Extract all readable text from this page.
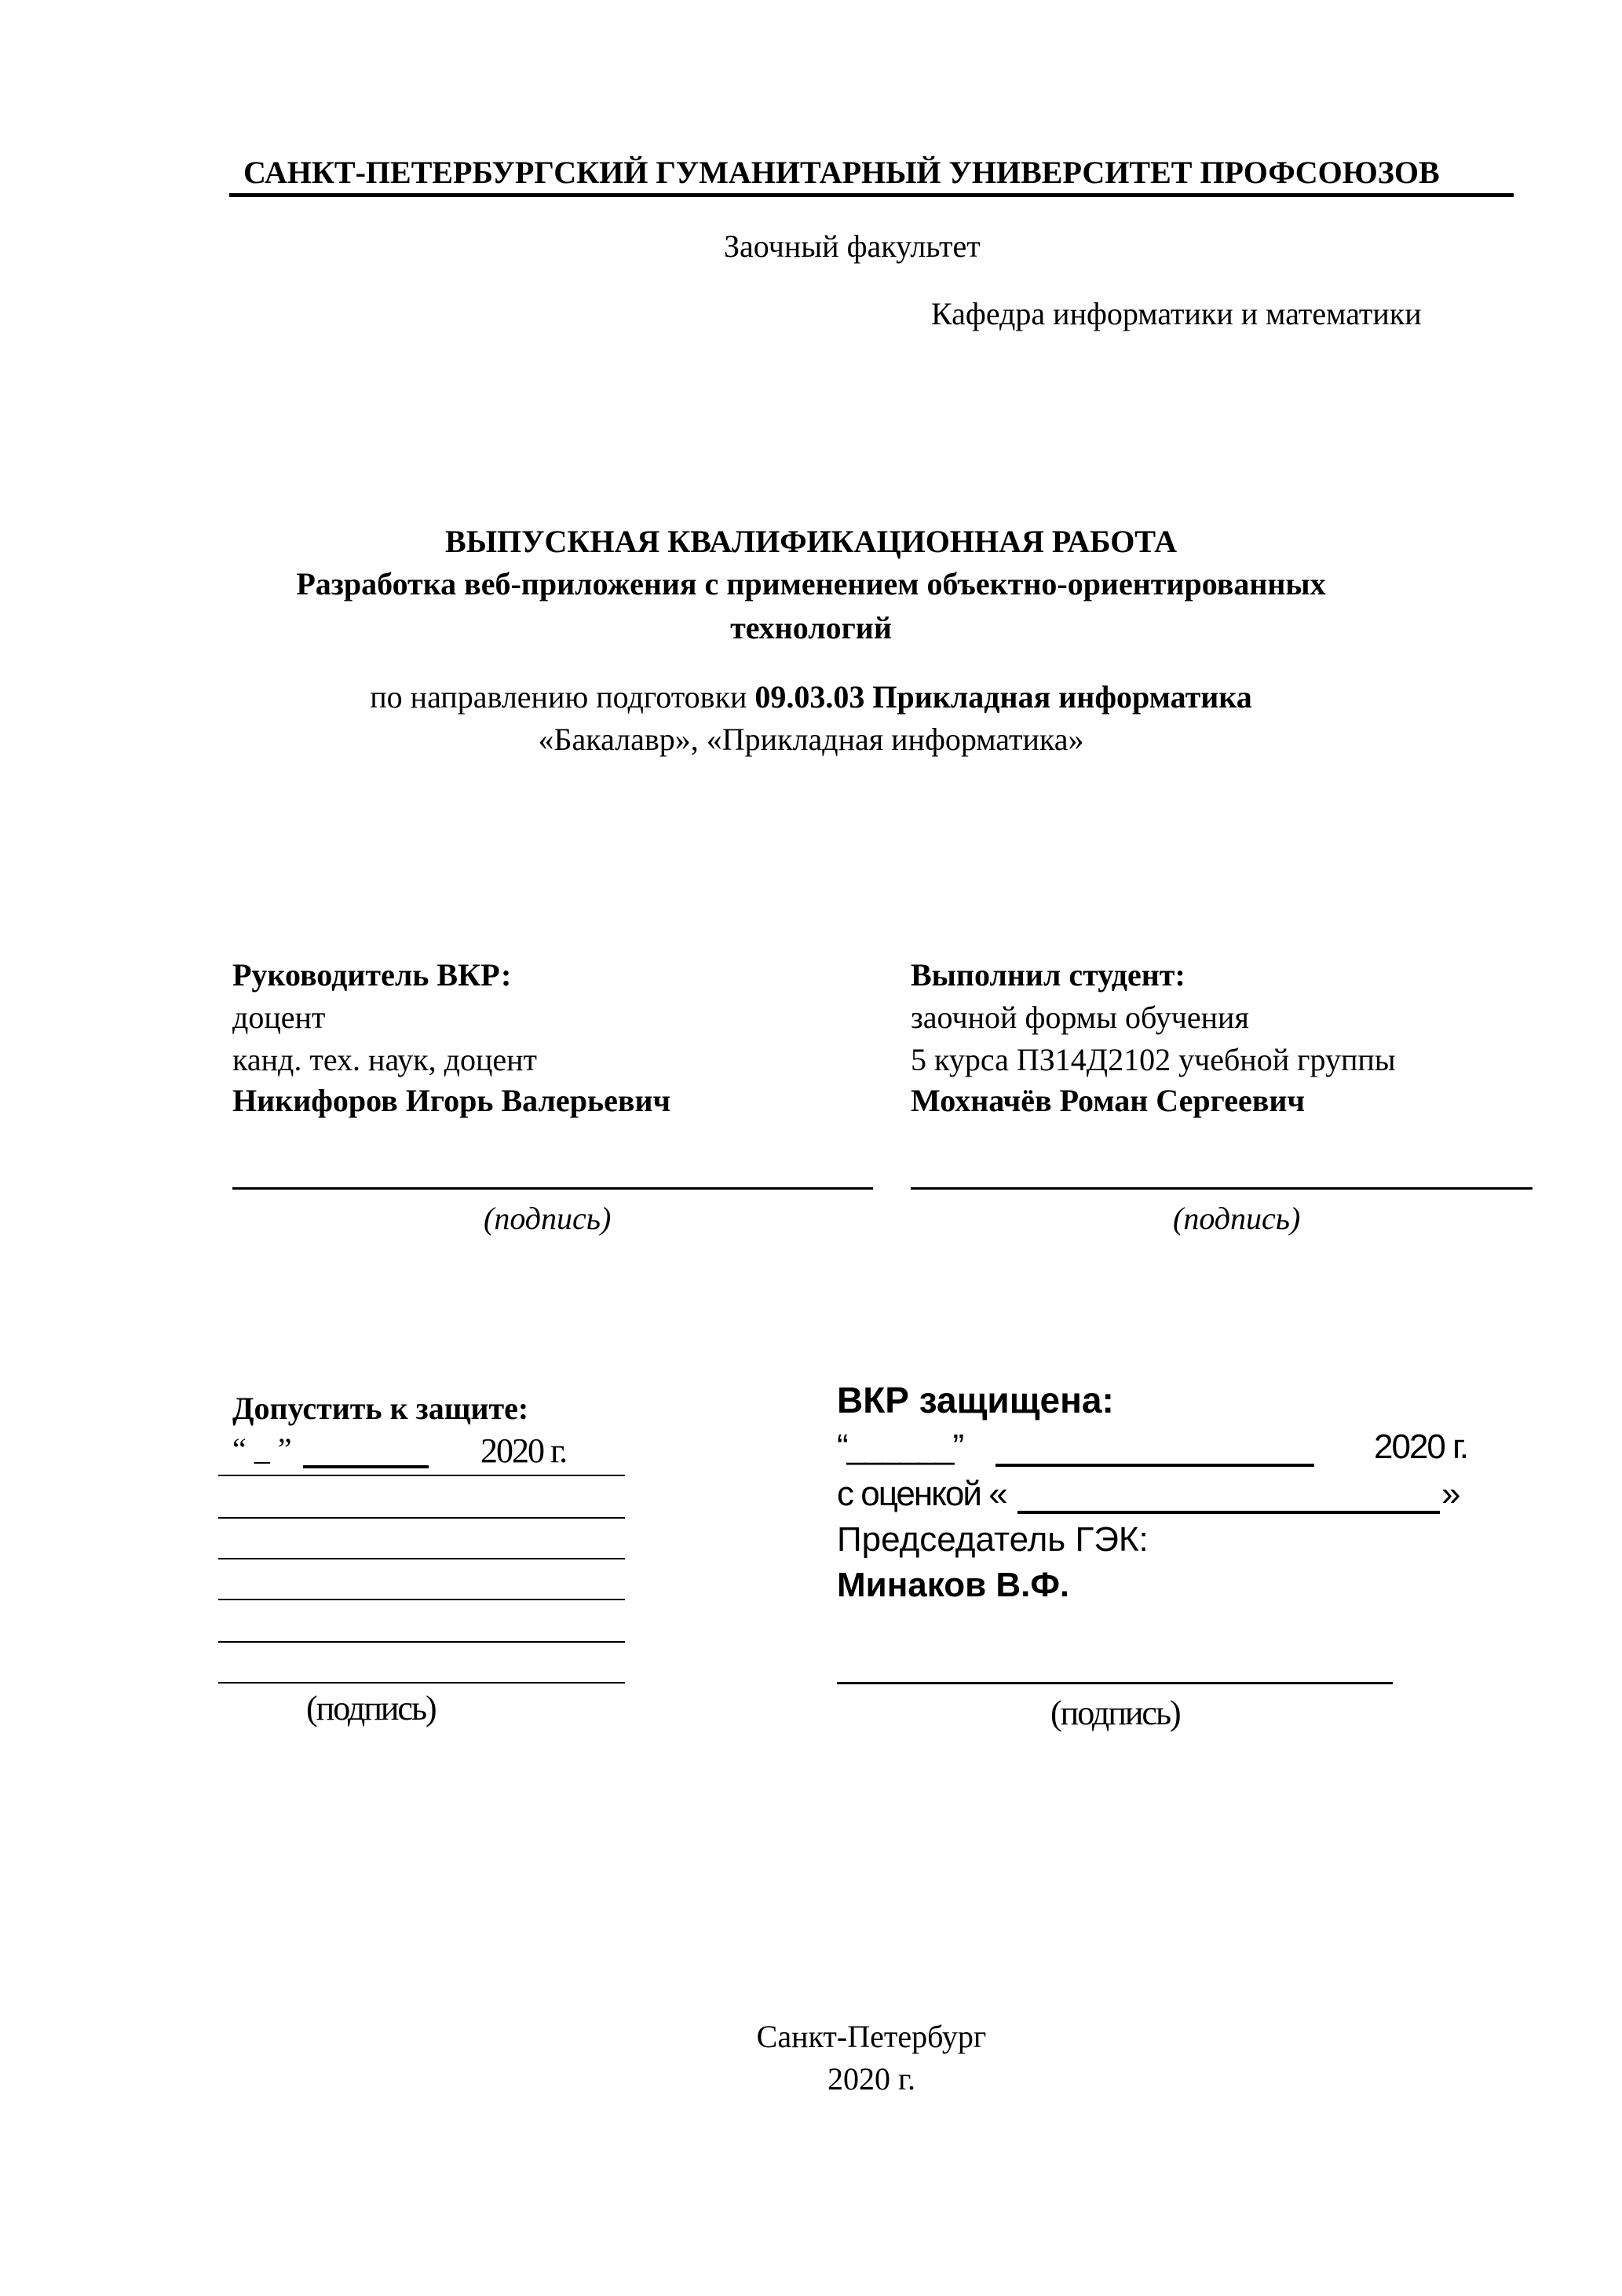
САНКТ-ПЕТЕРБУРГСКИЙ ГУМАНИТАРНЫЙ УНИВЕРСИТЕТ ПРОФСОЮЗОВ
Заочный факультет
Кафедра информатики и математики
ВЫПУСКНАЯ КВАЛИФИКАЦИОННАЯ РАБОТА
Разработка веб-приложения с применением объектно-ориентированных
технологий
по направлению подготовки 09.03.03 Прикладная информатика
«Бакалавр», «Прикладная информатика»
Руководитель ВКР:
доцент
канд. тех. наук, доцент
Никифоров Игорь Валерьевич
(подпись)
Выполнил студент:
заочной формы обучения
5 курса ПЗ14Д2102 учебной группы
Мохначёв Роман Сергеевич
(подпись)
Допустить к защите:
“ _ ”	2020 г.
(подпись)
ВКР защищена:
“______”	2020 г.
с оценкой «	»
Председатель ГЭК:
Минаков В.Ф.
(подпись)
Санкт-Петербург
2020 г.
